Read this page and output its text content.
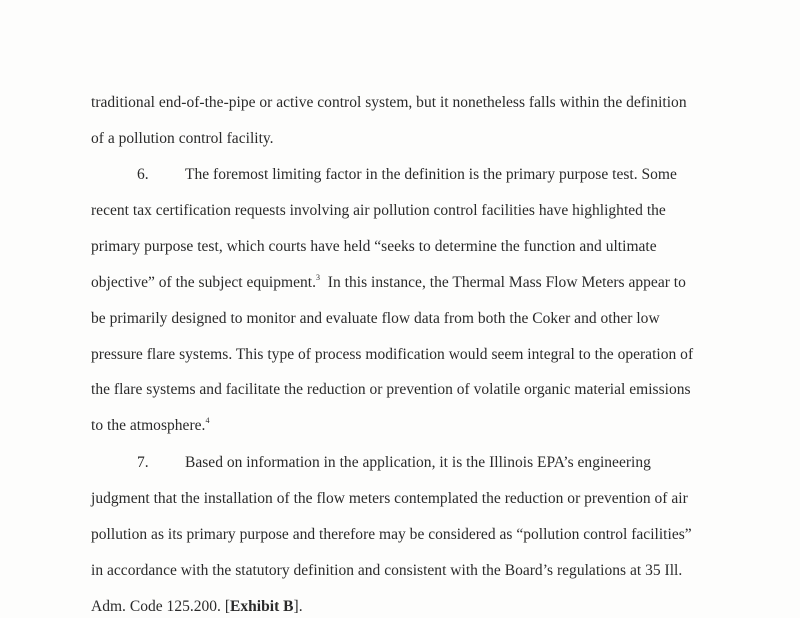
traditional end-of-the-pipe or active control system, but it nonetheless falls within the definition
of a pollution control facility.
6. The foremost limiting factor in the definition is the primary purpose test. Some
recent tax certification requests involving air pollution control facilities have highlighted the
primary purpose test, which courts have held “seeks to determine the function and ultimate
objective” of the subject equipment.$^3$ In this instance, the Thermal Mass Flow Meters appear to
be primarily designed to monitor and evaluate flow data from both the Coker and other low
pressure flare systems. This type of process modification would seem integral to the operation of
the flare systems and facilitate the reduction or prevention of volatile organic material emissions
to the atmosphere.$^4$
7. Based on information in the application, it is the Illinois EPA’s engineering
judgment that the installation of the flow meters contemplated the reduction or prevention of air
pollution as its primary purpose and therefore may be considered as “pollution control facilities”
in accordance with the statutory definition and consistent with the Board’s regulations at 35 Ill.
Adm. Code 125.200. [Exhibit B].
